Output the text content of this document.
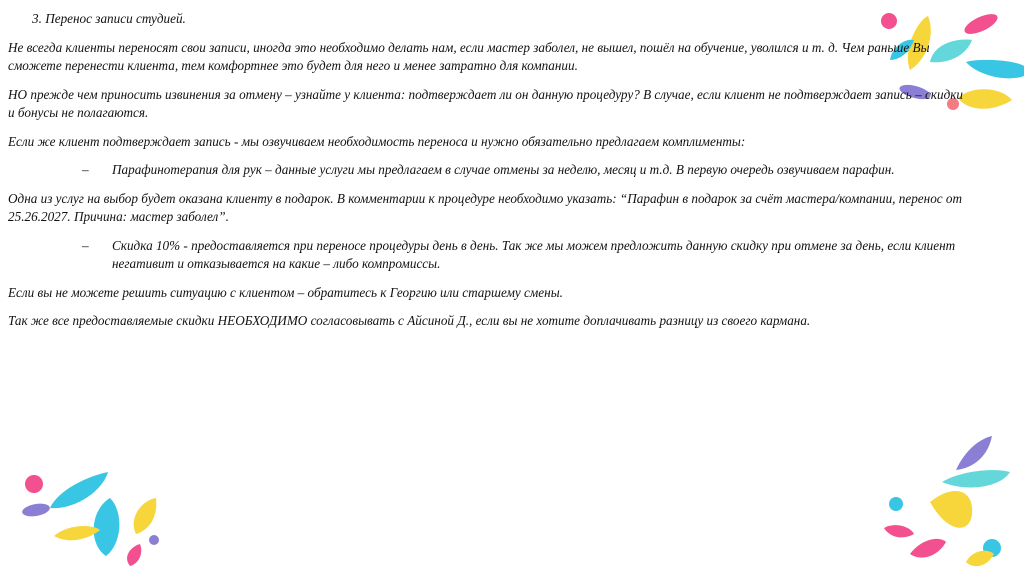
3. Перенос записи студией.

Не всегда клиенты переносят свои записи, иногда это необходимо делать нам, если мастер заболел, не вышел, пошёл на обучение, уволился и т. д. Чем раньше Вы сможете перенести клиента, тем комфортнее это будет для него и менее затратно для компании.

НО прежде чем приносить извинения за отмену – узнайте у клиента: подтверждает ли он данную процедуру? В случае, если клиент не подтверждает запись – скидки и бонусы не полагаются.

Если же клиент подтверждает запись - мы озвучиваем необходимость переноса и нужно обязательно предлагаем комплименты:

– Парафинотерапия для рук – данные услуги мы предлагаем в случае отмены за неделю, месяц и т.д. В первую очередь озвучиваем парафин.

Одна из услуг на выбор будет оказана клиенту в подарок. В комментарии к процедуре необходимо указать: “Парафин в подарок за счёт мастера/компании, перенос от 25.26.2027. Причина: мастер заболел”.

– Скидка 10% - предоставляется при переносе процедуры день в день. Так же мы можем предложить данную скидку при отмене за день, если клиент негативит и отказывается на какие – либо компромиссы.

Если вы не можете решить ситуацию с клиентом – обратитесь к Георгию или старшему смены.

Так же все предоставляемые скидки НЕОБХОДИМО согласовывать с Айсиной Д., если вы не хотите доплачивать разницу из своего кармана.
